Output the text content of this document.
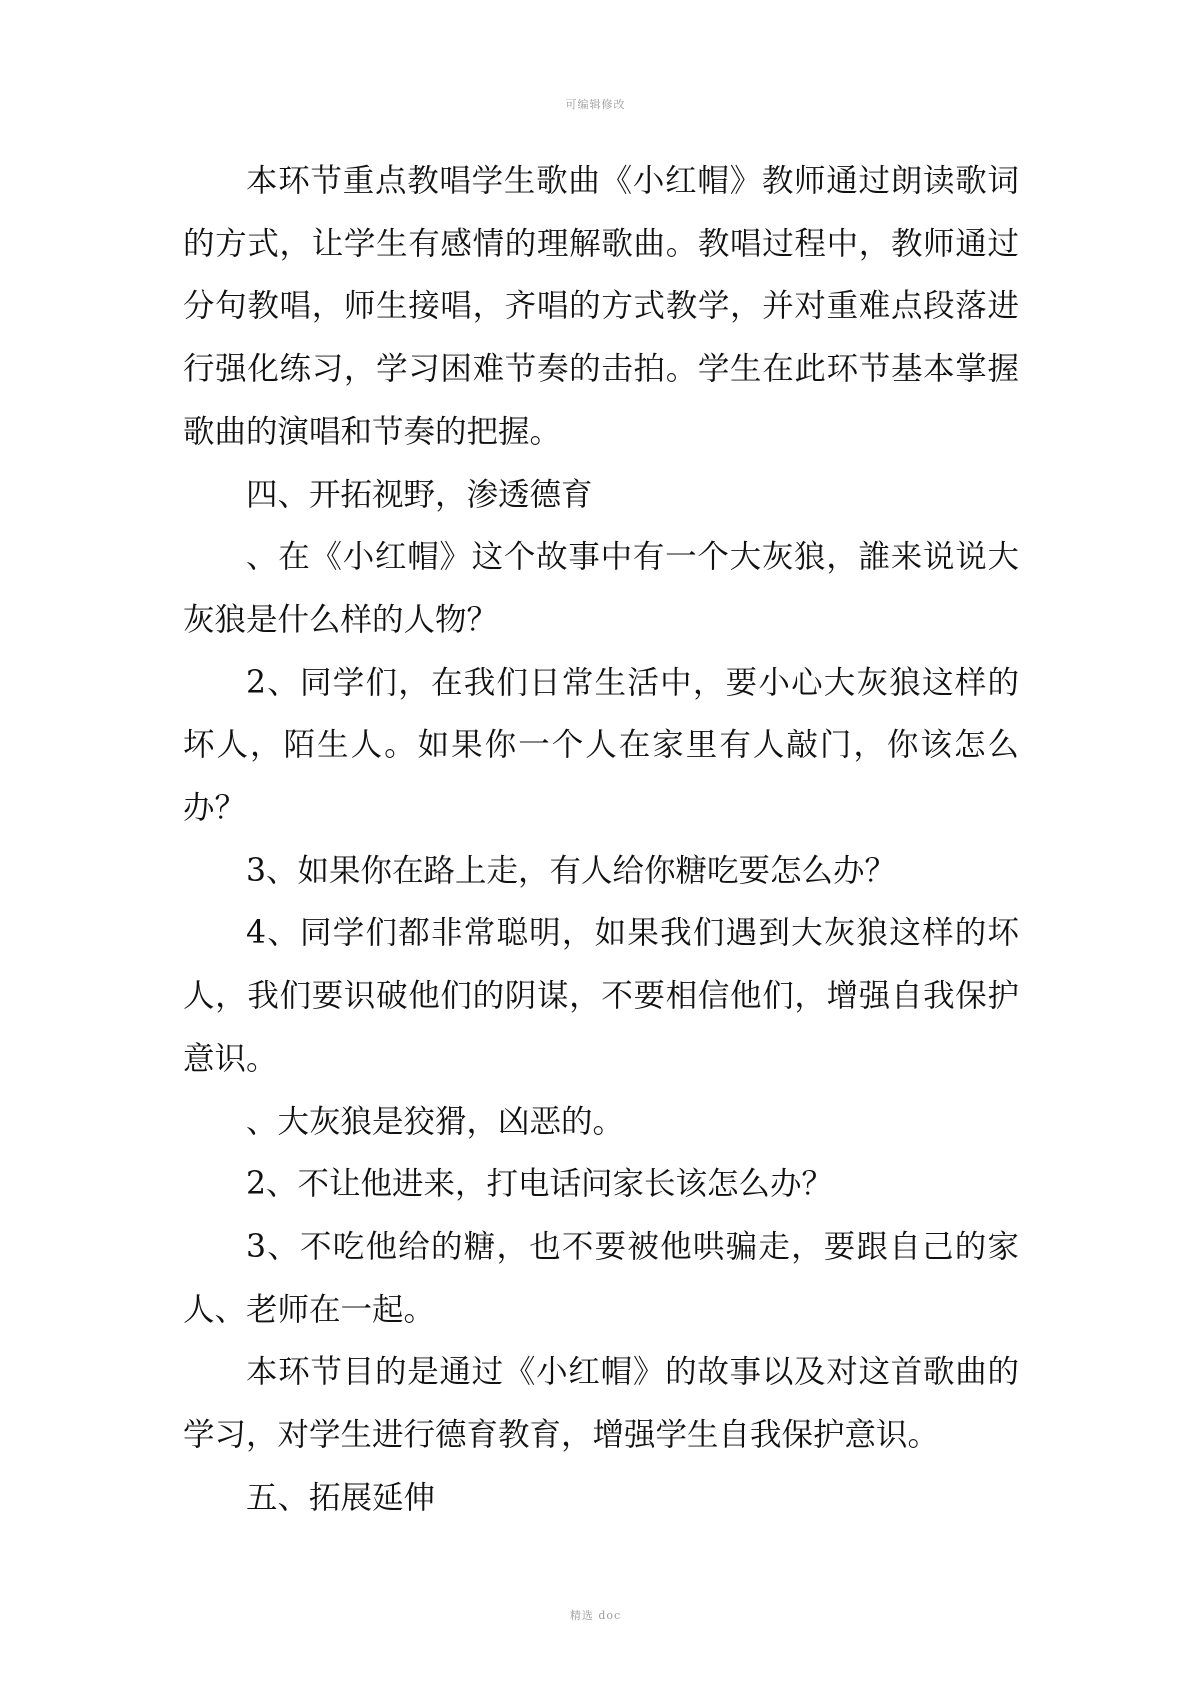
可编辑修改

本环节重点教唱学生歌曲《小红帽》教师通过朗读歌词的方式，让学生有感情的理解歌曲。教唱过程中，教师通过分句教唱，师生接唱，齐唱的方式教学，并对重难点段落进行强化练习，学习困难节奏的击拍。学生在此环节基本掌握歌曲的演唱和节奏的把握。

四、开拓视野，渗透德育

、在《小红帽》这个故事中有一个大灰狼，誰来说说大灰狼是什么样的人物？

2、同学们，在我们日常生活中，要小心大灰狼这样的坏人，陌生人。如果你一个人在家里有人敲门，你该怎么办？

3、如果你在路上走，有人给你糖吃要怎么办？

4、同学们都非常聪明，如果我们遇到大灰狼这样的坏人，我们要识破他们的阴谋，不要相信他们，增强自我保护意识。

、大灰狼是狡猾，凶恶的。

2、不让他进来，打电话问家长该怎么办？

3、不吃他给的糖，也不要被他哄骗走，要跟自己的家人、老师在一起。

本环节目的是通过《小红帽》的故事以及对这首歌曲的学习，对学生进行德育教育，增强学生自我保护意识。

五、拓展延伸

精选 doc
